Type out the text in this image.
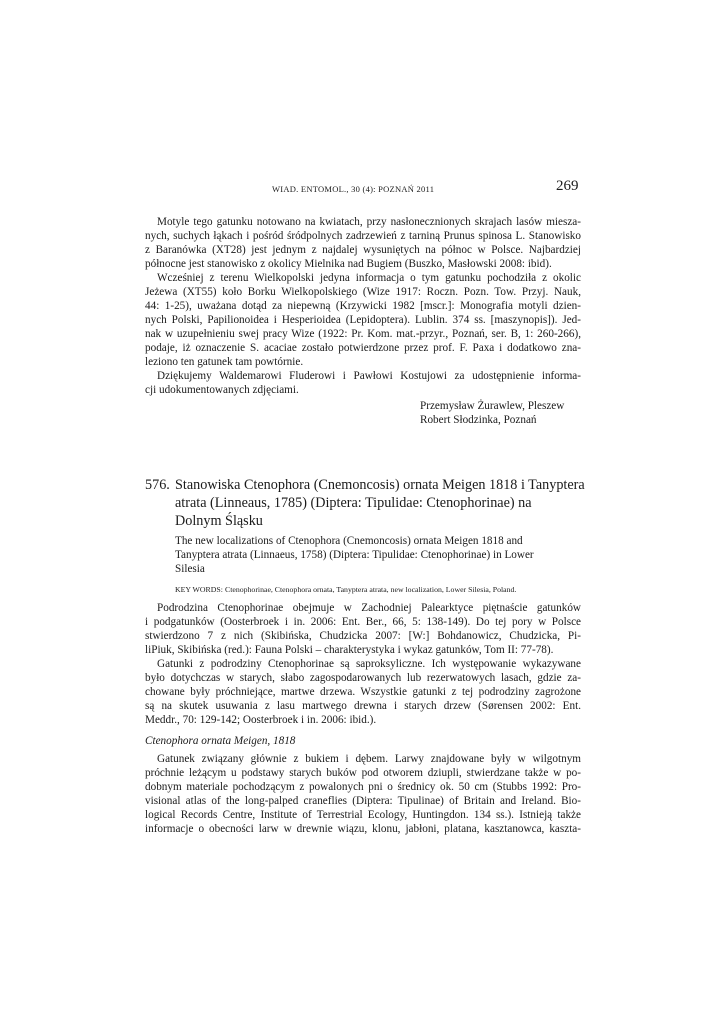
WIAD. ENTOMOL., 30 (4): POZNAŃ 2011	269
Motyle tego gatunku notowano na kwiatach, przy nasłonecznionych skrajach lasów miesza-
nych, suchych łąkach i pośród śródpolnych zadrzewień z tarniną Prunus spinosa L. Stanowisko
z Baranówka (XT28) jest jednym z najdalej wysuniętych na północ w Polsce. Najbardziej
północne jest stanowisko z okolicy Mielnika nad Bugiem (Buszko, Masłowski 2008: ibid).
Wcześniej z terenu Wielkopolski jedyna informacja o tym gatunku pochodziła z okolic
Jeżewa (XT55) koło Borku Wielkopolskiego (Wize 1917: Roczn. Pozn. Tow. Przyj. Nauk,
44: 1-25), uważana dotąd za niepewną (Krzywicki 1982 [mscr.]: Monografia motyli dzien-
nych Polski, Papilionoidea i Hesperioidea (Lepidoptera). Lublin. 374 ss. [maszynopis]). Jed-
nak w uzupełnieniu swej pracy Wize (1922: Pr. Kom. mat.-przyr., Poznań, ser. B, 1: 260-266),
podaje, iż oznaczenie S. acaciae zostało potwierdzone przez prof. F. Paxa i dodatkowo zna-
leziono ten gatunek tam powtórnie.
Dziękujemy Waldemarowi Fluderowi i Pawłowi Kostujowi za udostępnienie informa-
cji udokumentowanych zdjęciami.
Przemysław Żurawlew, Pleszew
Robert Słodzinka, Poznań
576. Stanowiska Ctenophora (Cnemoncosis) ornata Meigen 1818 i Tanyptera
atrata (Linneaus, 1785) (Diptera: Tipulidae: Ctenophorinae) na
Dolnym Śląsku
The new localizations of Ctenophora (Cnemoncosis) ornata Meigen 1818 and
Tanyptera atrata (Linnaeus, 1758) (Diptera: Tipulidae: Ctenophorinae) in Lower
Silesia
KEY WORDS: Ctenophorinae, Ctenophora ornata, Tanyptera atrata, new localization, Lower Silesia, Poland.
Podrodzina Ctenophorinae obejmuje w Zachodniej Palearktyce piętnaście gatunków
i podgatunków (Oosterbroek i in. 2006: Ent. Ber., 66, 5: 138-149). Do tej pory w Polsce
stwierdzono 7 z nich (Skibińska, Chudzicka 2007: [W:] Bohdanowicz, Chudzicka, Pi-
liPiuk, Skibińska (red.): Fauna Polski – charakterystyka i wykaz gatunków, Tom II: 77-78).
Gatunki z podrodziny Ctenophorinae są saproksyliczne. Ich występowanie wykazywane
było dotychczas w starych, słabo zagospodarowanych lub rezerwatowych lasach, gdzie za-
chowane były próchniejące, martwe drzewa. Wszystkie gatunki z tej podrodziny zagrożone
są na skutek usuwania z lasu martwego drewna i starych drzew (Sørensen 2002: Ent.
Meddr., 70: 129-142; Oosterbroek i in. 2006: ibid.).
Ctenophora ornata Meigen, 1818
Gatunek związany głównie z bukiem i dębem. Larwy znajdowane były w wilgotnym
próchnie leżącym u podstawy starych buków pod otworem dziupli, stwierdzane także w po-
dobnym materiale pochodzącym z powalonych pni o średnicy ok. 50 cm (Stubbs 1992: Pro-
visional atlas of the long-palped craneflies (Diptera: Tipulinae) of Britain and Ireland. Bio-
logical Records Centre, Institute of Terrestrial Ecology, Huntingdon. 134 ss.). Istnieją także
informacje o obecności larw w drewnie wiązu, klonu, jabłoni, platana, kasztanowca, kaszta-
